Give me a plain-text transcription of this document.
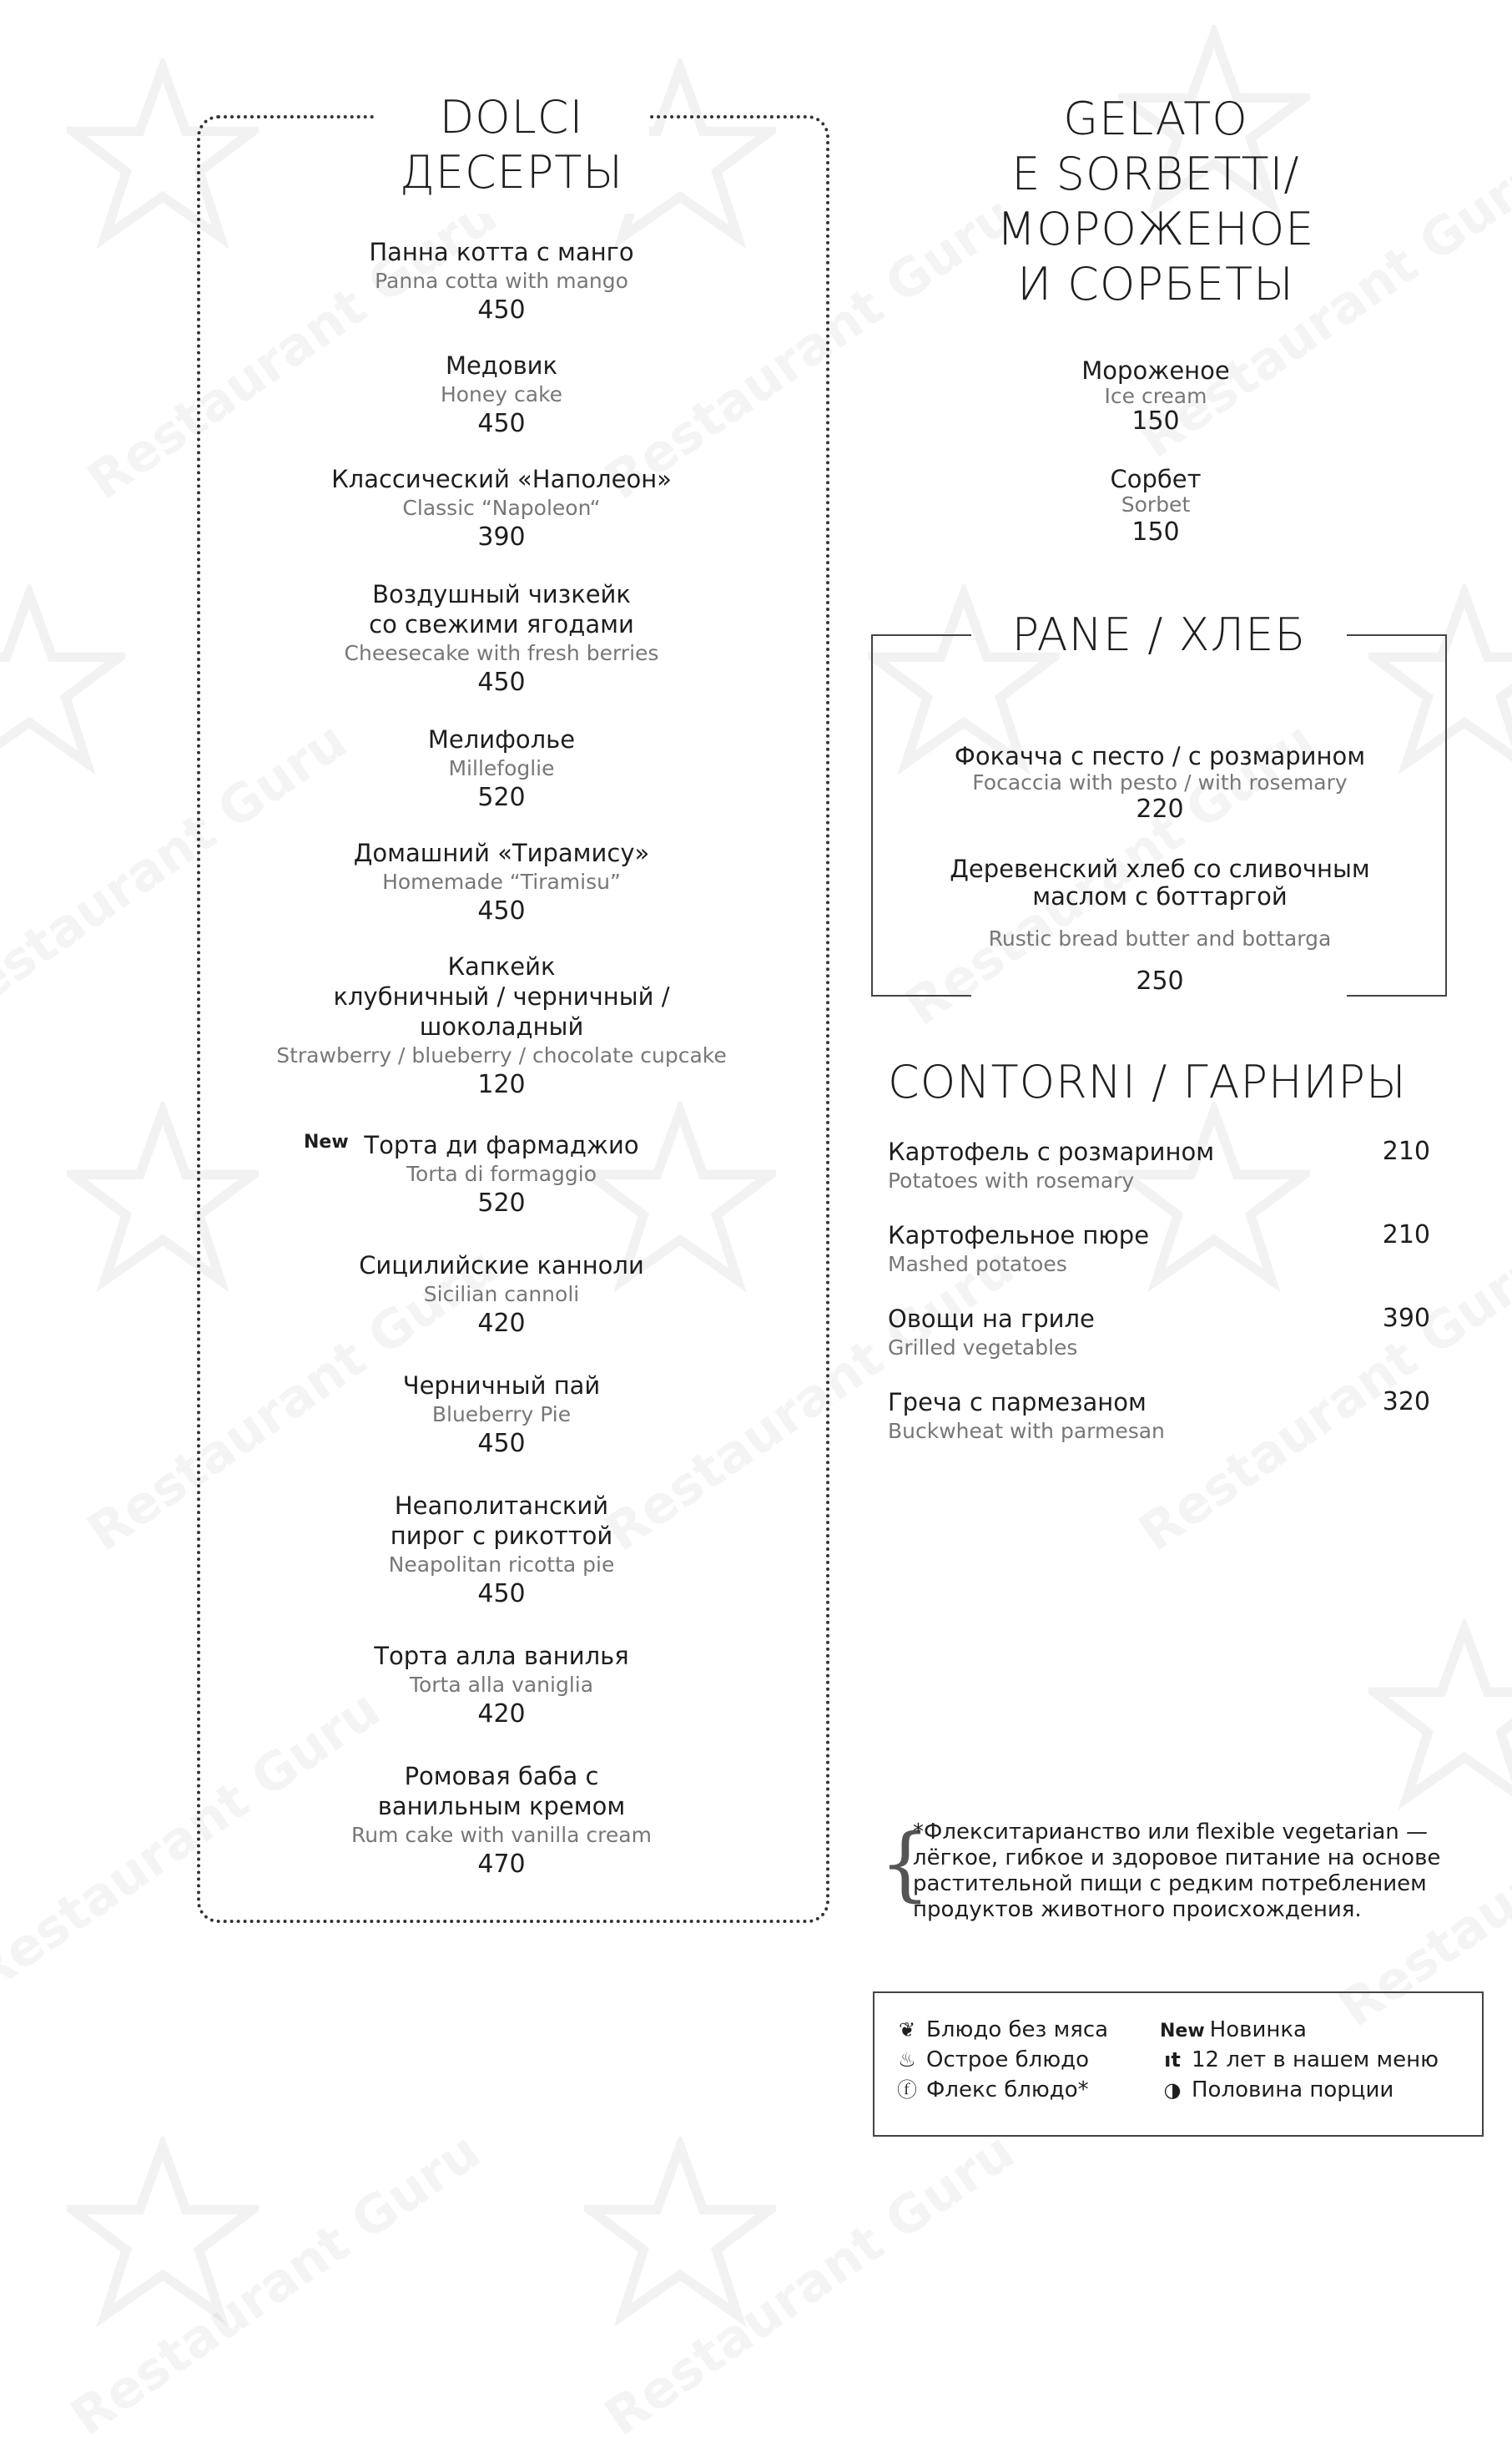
DOLCI
ДЕСЕРТЫ
Панна котта с манго
Panna cotta with mango
450
Медовик
Honey cake
450
Классический «Наполеон»
Classic “Napoleon“
390
Воздушный чизкейк
со свежими ягодами
Cheesecake with fresh berries
450
Мелифолье
Millefoglie
520
Домашний «Тирамису»
Homemade “Tiramisu”
450
Капкейк
клубничный / черничный /
шоколадный
Strawberry / blueberry / chocolate cupcake
120
Торта ди фармаджио
Torta di formaggio
520
New
Сицилийские канноли
Sicilian cannoli
420
Черничный пай
Blueberry Pie
450
Неаполитанский
пирог с рикоттой
Neapolitan ricotta pie
450
Торта алла ванилья
Torta alla vaniglia
420
Ромовая баба с
ванильным кремом
Rum cake with vanilla cream
470
GELATO
E SORBETTI/
МОРОЖЕНОЕ
И СОРБЕТЫ
Мороженое
Ice cream
150
Сорбет
Sorbet
150
PANE / ХЛЕБ
Фокачча с песто / с розмарином
Focaccia with pesto / with rosemary
220

Деревенский хлеб со сливочным
маслом с боттаргой

Rustic bread butter and bottarga

250

CONTORNI / ГАРНИРЫ
Картофель с розмарином
Potatoes with rosemary
210
Картофельное пюре
Mashed potatoes
210
Овощи на гриле
Grilled vegetables
390
Греча с пармезаном
Buckwheat with parmesan
320
{
*Флекситарианство или flexible vegetarian —
лёгкое, гибкое и здоровое питание на основе
растительной пищи с редким потреблением
продуктов животного происхождения.
❦ Блюдо без мяса
♨ Острое блюдо
ⓕ Флекс блюдо*
New Новинка
ıt 12 лет в нашем меню
◑ Половина порции
